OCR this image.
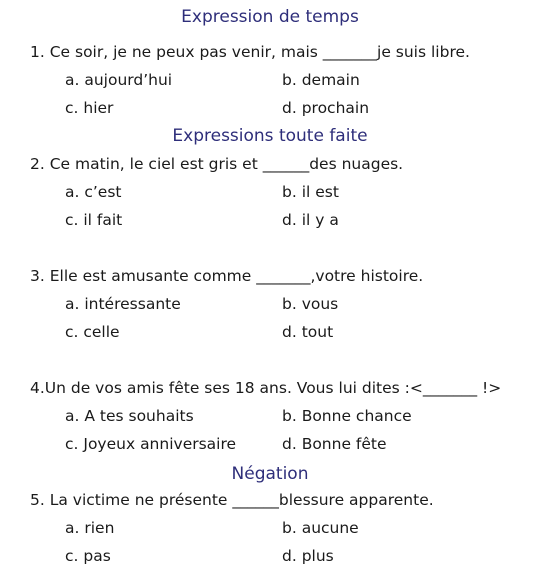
Expression de temps
1. Ce soir, je ne peux pas venir, mais _______je suis libre.
a. aujourd’hui	b. demain
c. hier	d. prochain
Expressions toute faite
2. Ce matin, le ciel est gris et ______des nuages.
a. c’est	b. il est
c. il fait	d. il y a
3. Elle est amusante comme _______,votre histoire.
a. intéressante	b. vous
c. celle	d. tout
4.Un de vos amis fête ses 18 ans. Vous lui dites :<_______ !>
a. A tes souhaits	b. Bonne chance
c. Joyeux anniversaire	d. Bonne fête
Négation
5. La victime ne présente ______blessure apparente.
a. rien	b. aucune
c. pas	d. plus
